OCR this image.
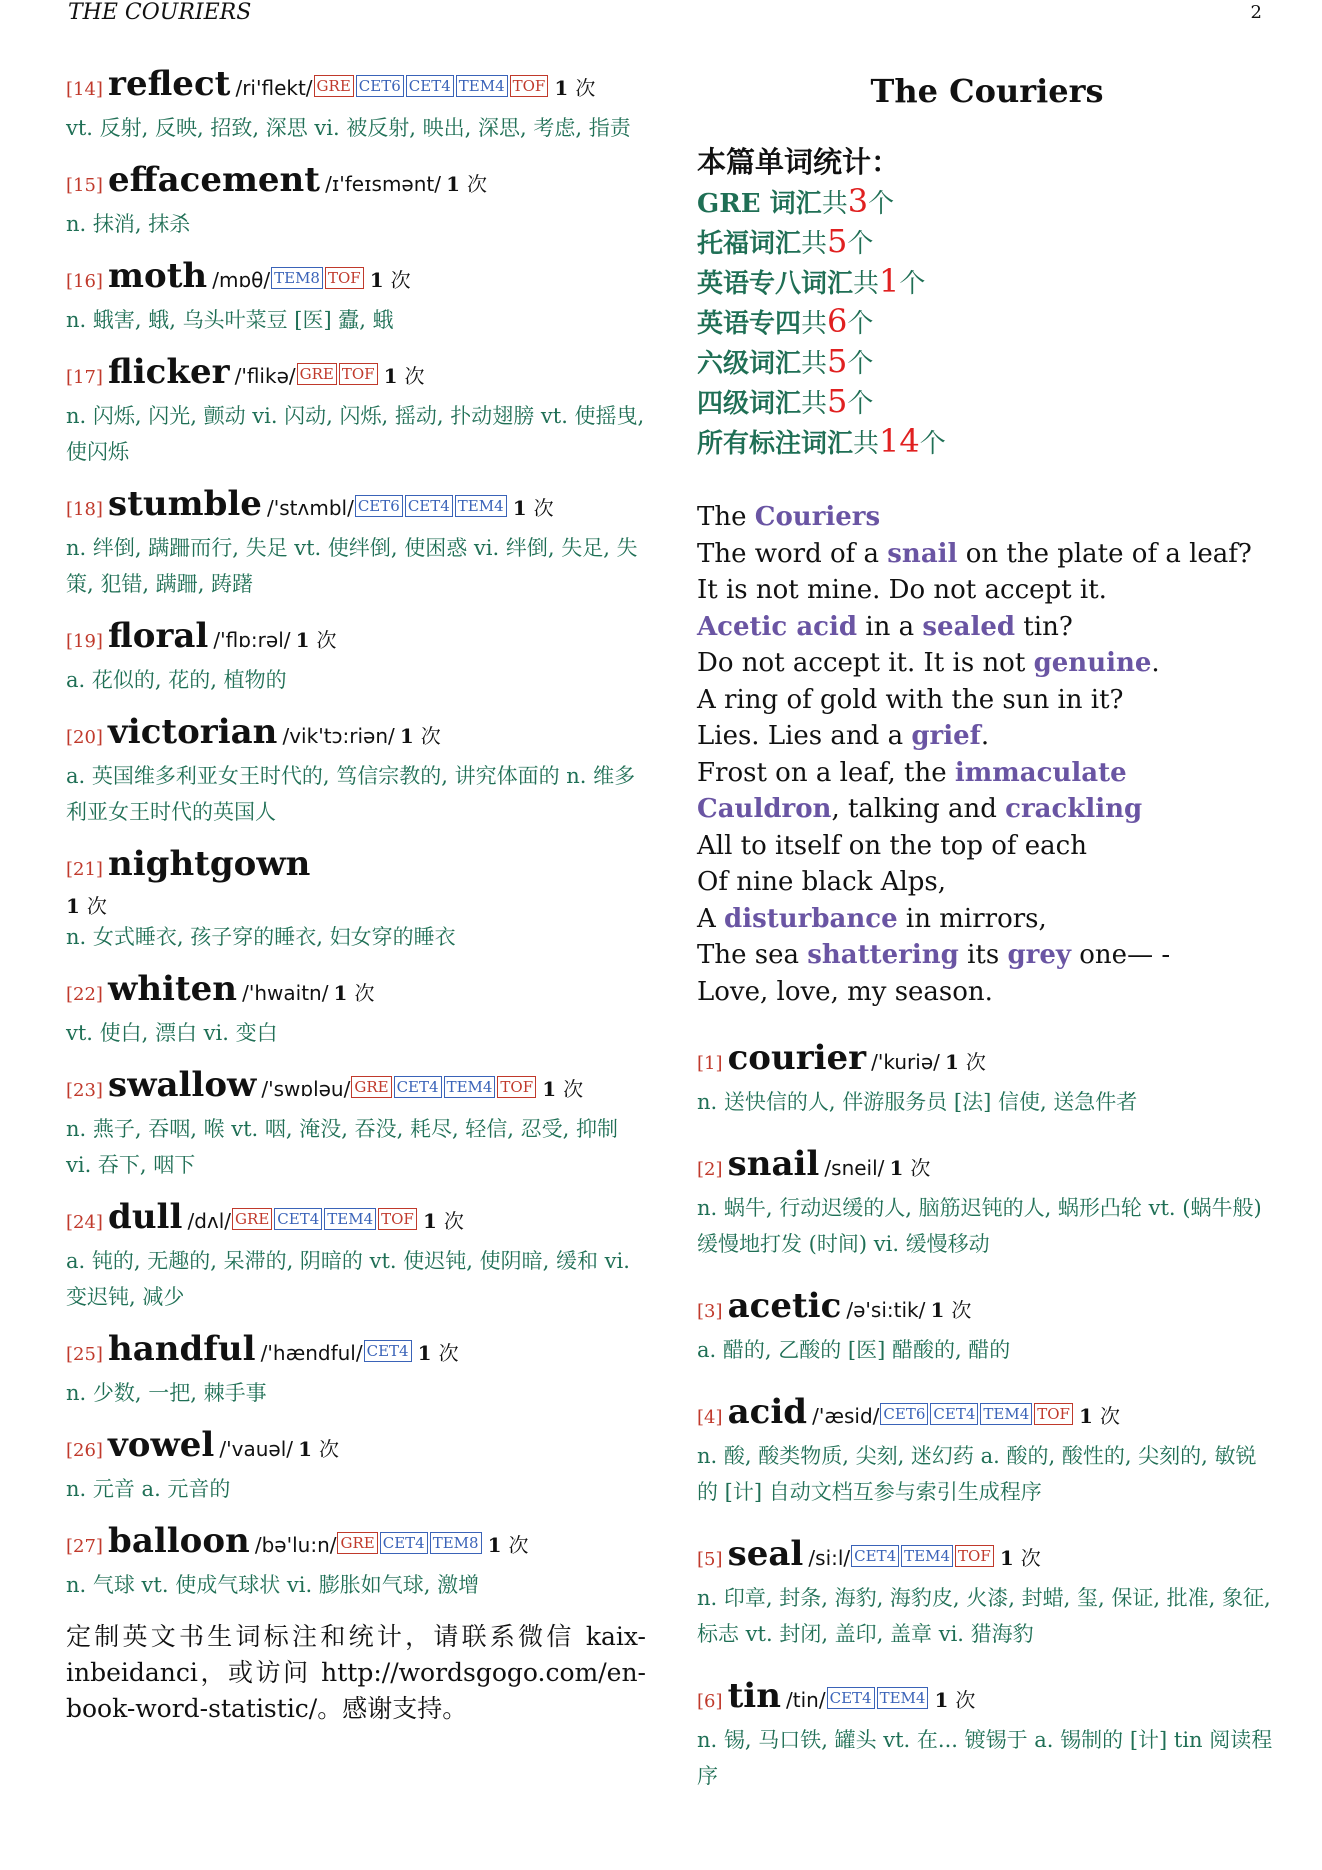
THE COURIERS	2
[14] reflect /ri'flekt/ GRE CET6 CET4 TEM4 TOF 1 次
vt. 反射, 反映, 招致, 深思 vi. 被反射, 映出, 深思, 考虑, 指责
[15] effacement /ɪ'feɪsmənt/ 1 次
n. 抹消, 抹杀
[16] moth /mɒθ/ TEM8 TOF 1 次
n. 蛾害, 蛾, 乌头叶菜豆 [医] 蠹, 蛾
[17] flicker /'flikə/ GRE TOF 1 次
n. 闪烁, 闪光, 颤动 vi. 闪动, 闪烁, 摇动, 扑动翅膀 vt. 使摇曳, 使闪烁
[18] stumble /'stʌmbl/ CET6 CET4 TEM4 1 次
n. 绊倒, 蹒跚而行, 失足 vt. 使绊倒, 使困惑 vi. 绊倒, 失足, 失策, 犯错, 蹒跚, 踌躇
[19] floral /'flɒ:rəl/ 1 次
a. 花似的, 花的, 植物的
[20] victorian /vik'tɔ:riən/ 1 次
a. 英国维多利亚女王时代的, 笃信宗教的, 讲究体面的 n. 维多利亚女王时代的英国人
[21] nightgown
1 次
n. 女式睡衣, 孩子穿的睡衣, 妇女穿的睡衣
[22] whiten /'hwaitn/ 1 次
vt. 使白, 漂白 vi. 变白
[23] swallow /'swɒləu/ GRE CET4 TEM4 TOF 1 次
n. 燕子, 吞咽, 喉 vt. 咽, 淹没, 吞没, 耗尽, 轻信, 忍受, 抑制 vi. 吞下, 咽下
[24] dull /dʌl/ GRE CET4 TEM4 TOF 1 次
a. 钝的, 无趣的, 呆滞的, 阴暗的 vt. 使迟钝, 使阴暗, 缓和 vi. 变迟钝, 减少
[25] handful /'hændful/ CET4 1 次
n. 少数, 一把, 棘手事
[26] vowel /'vauəl/ 1 次
n. 元音 a. 元音的
[27] balloon /bə'lu:n/ GRE CET4 TEM8 1 次
n. 气球 vt. 使成气球状 vi. 膨胀如气球, 激增
定制英文书生词标注和统计，请联系微信 kaix-inbeidanci，或访问 http://wordsgogo.com/en-book-word-statistic/。感谢支持。
The Couriers
本篇单词统计：
GRE 词汇共3个
托福词汇共5个
英语专八词汇共1个
英语专四共6个
六级词汇共5个
四级词汇共5个
所有标注词汇共14个
The Couriers
The word of a snail on the plate of a leaf?
It is not mine. Do not accept it.
Acetic acid in a sealed tin?
Do not accept it. It is not genuine.
A ring of gold with the sun in it?
Lies. Lies and a grief.
Frost on a leaf, the immaculate
Cauldron, talking and crackling
All to itself on the top of each
Of nine black Alps,
A disturbance in mirrors,
The sea shattering its grey one— -
Love, love, my season.
[1] courier /'kuriə/ 1 次
n. 送快信的人, 伴游服务员 [法] 信使, 送急件者
[2] snail /sneil/ 1 次
n. 蜗牛, 行动迟缓的人, 脑筋迟钝的人, 蜗形凸轮 vt. (蜗牛般) 缓慢地打发 (时间) vi. 缓慢移动
[3] acetic /ə'si:tik/ 1 次
a. 醋的, 乙酸的 [医] 醋酸的, 醋的
[4] acid /'æsid/ CET6 CET4 TEM4 TOF 1 次
n. 酸, 酸类物质, 尖刻, 迷幻药 a. 酸的, 酸性的, 尖刻的, 敏锐的 [计] 自动文档互参与索引生成程序
[5] seal /si:l/ CET4 TEM4 TOF 1 次
n. 印章, 封条, 海豹, 海豹皮, 火漆, 封蜡, 玺, 保证, 批准, 象征, 标志 vt. 封闭, 盖印, 盖章 vi. 猎海豹
[6] tin /tin/ CET4 TEM4 1 次
n. 锡, 马口铁, 罐头 vt. 在... 镀锡于 a. 锡制的 [计] tin 阅读程序
